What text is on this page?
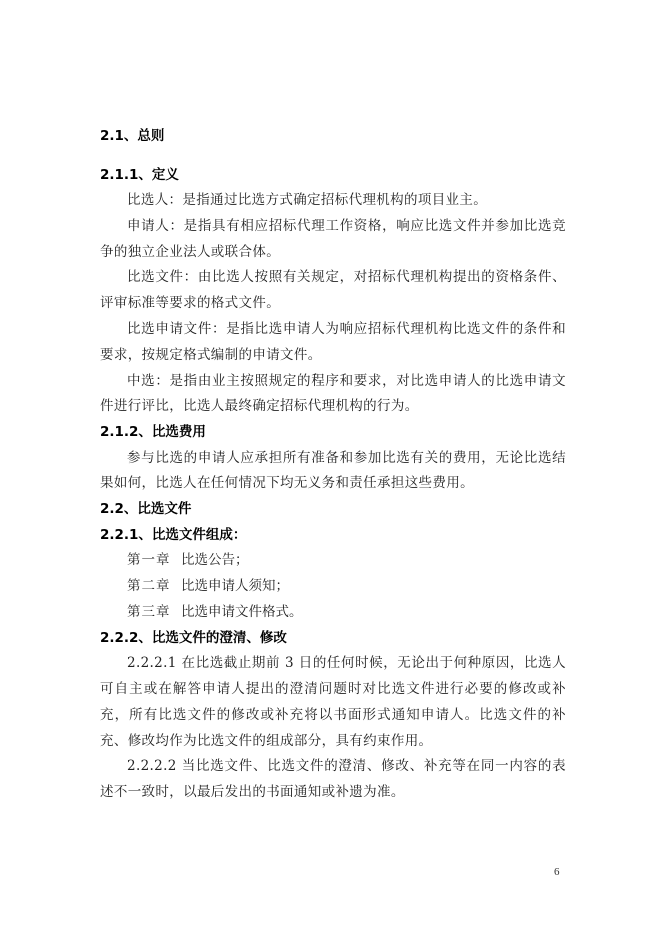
2.1、总则

2.1.1、定义

比选人：是指通过比选方式确定招标代理机构的项目业主。

申请人：是指具有相应招标代理工作资格，响应比选文件并参加比选竞争的独立企业法人或联合体。

比选文件：由比选人按照有关规定，对招标代理机构提出的资格条件、评审标准等要求的格式文件。

比选申请文件：是指比选申请人为响应招标代理机构比选文件的条件和要求，按规定格式编制的申请文件。

中选：是指由业主按照规定的程序和要求，对比选申请人的比选申请文件进行评比，比选人最终确定招标代理机构的行为。

2.1.2、比选费用

参与比选的申请人应承担所有准备和参加比选有关的费用，无论比选结果如何，比选人在任何情况下均无义务和责任承担这些费用。

2.2、比选文件

2.2.1、比选文件组成：

第一章 比选公告；

第二章 比选申请人须知；

第三章 比选申请文件格式。

2.2.2、比选文件的澄清、修改

2.2.2.1 在比选截止期前 3 日的任何时候，无论出于何种原因，比选人可自主或在解答申请人提出的澄清问题时对比选文件进行必要的修改或补充，所有比选文件的修改或补充将以书面形式通知申请人。比选文件的补充、修改均作为比选文件的组成部分，具有约束作用。

2.2.2.2 当比选文件、比选文件的澄清、修改、补充等在同一内容的表述不一致时，以最后发出的书面通知或补遗为准。

6
